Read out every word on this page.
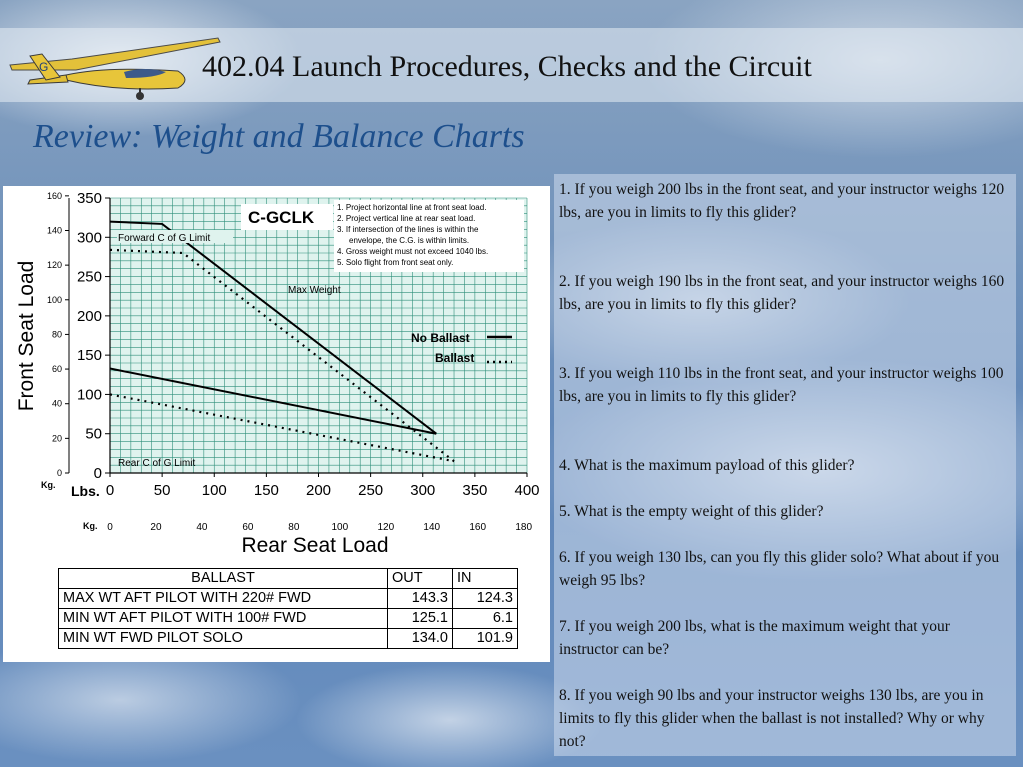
G	402.04 Launch Procedures, Checks and the Circuit
Review: Weight and Balance Charts
0
50
100
150
200
250
300
350
0
20
40
60
80
100
120
140
160
0	50 100 150 200 250 300 350 400
0	20	40	60	80	100	120	140	160	180
Front Seat Load
Rear Seat Load
Lbs.
Kg.
Kg.
C-GCLK
1. Project horizontal line at front seat load.
2. Project vertical line at rear seat load.
3. If intersection of the lines is within the
envelope, the C.G. is within limits.
4. Gross weight must not exceed 1040 lbs.
5. Solo flight from front seat only.
Forward C of G Limit
Max Weight
Rear C of G Limit
No Ballast
Ballast
BALLAST	OUT	IN
MAX WT AFT PILOT WITH 220# FWD	143.3	124.3
MIN WT AFT PILOT WITH 100# FWD	125.1	6.1
MIN WT FWD PILOT SOLO	134.0	101.9
1. If you weigh 200 lbs in the front seat, and your instructor weighs 120 lbs, are you in limits to fly this glider?
2. If you weigh 190 lbs in the front seat, and your instructor weighs 160 lbs, are you in limits to fly this glider?
3. If you weigh 110 lbs in the front seat, and your instructor weighs 100 lbs, are you in limits to fly this glider?
4. What is the maximum payload of this glider?
5. What is the empty weight of this glider?
6. If you weigh 130 lbs, can you fly this glider solo? What about if you weigh 95 lbs?
7. If you weigh 200 lbs, what is the maximum weight that your instructor can be?
8. If you weigh 90 lbs and your instructor weighs 130 lbs, are you in limits to fly this glider when the ballast is not installed? Why or why not?
